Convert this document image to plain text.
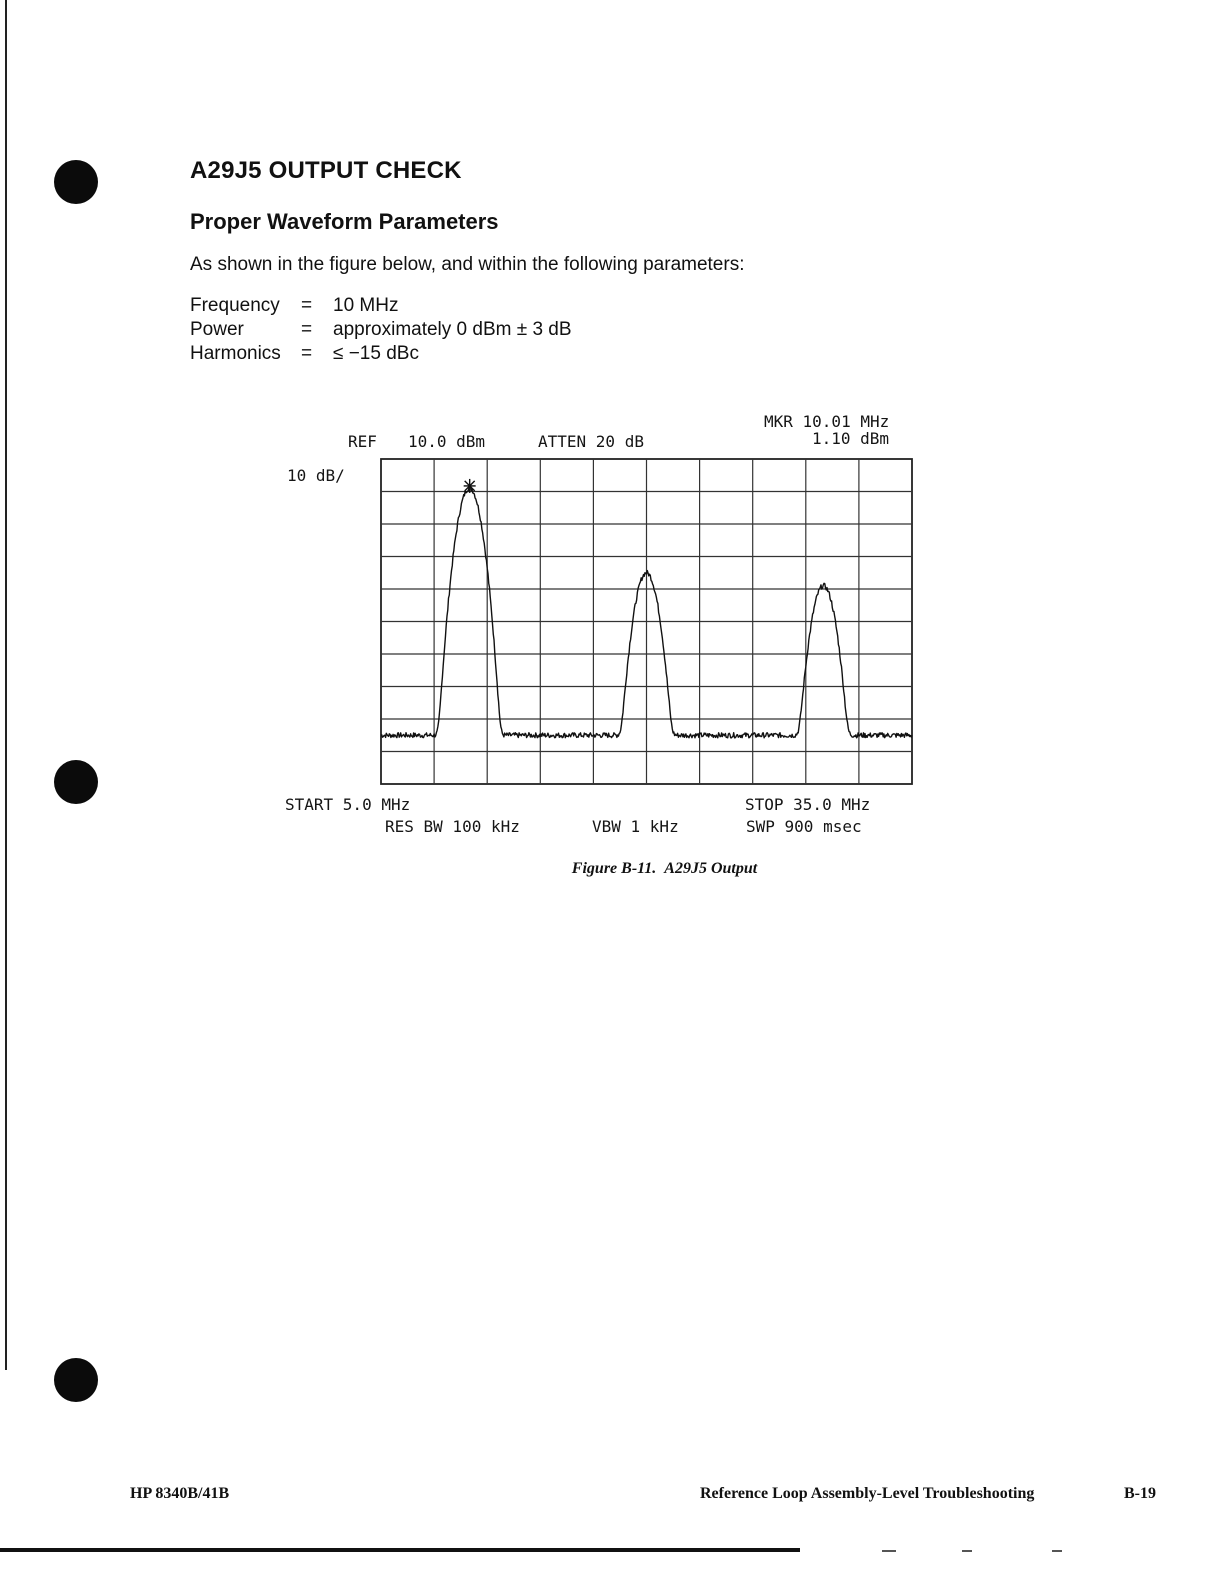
A29J5 OUTPUT CHECK
Proper Waveform Parameters
As shown in the figure below, and within the following parameters:
Frequency = 10 MHz
Power	= approximately 0 dBm ± 3 dB
Harmonics = ≤ −15 dBc
REF 10.0 dBm	ATTEN 20 dB
MKR 10.01 MHz
1.10 dBm
10 dB/
START 5.0 MHz	STOP 35.0 MHz
RES BW 100 kHz	VBW 1 kHz	SWP 900 msec
Figure B-11. A29J5 Output
HP 8340B/41B	Reference Loop Assembly-Level Troubleshooting	B-19
